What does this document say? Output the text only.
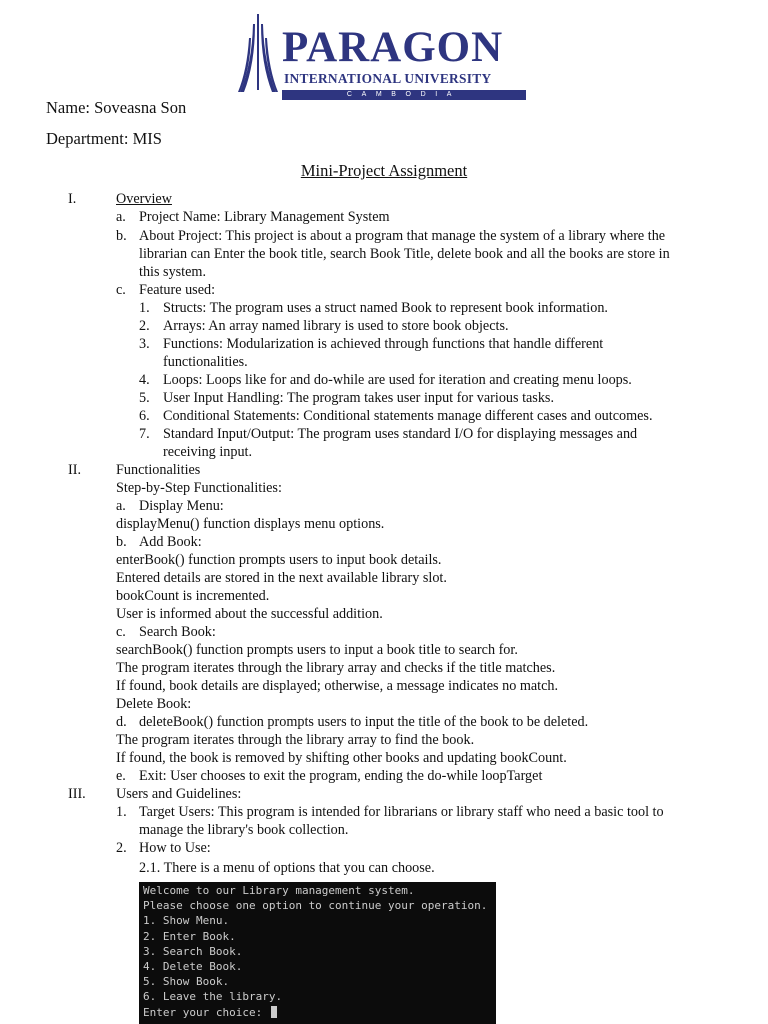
PARAGON
INTERNATIONAL UNIVERSITY
CAMBODIA
Name: Soveasna Son
Department: MIS
Mini-Project Assignment
I.	Overview
a. Project Name: Library Management System
b. About Project: This project is about a program that manage the system of a library where the
librarian can Enter the book title, search Book Title, delete book and all the books are store in
this system.
c. Feature used:
1. Structs: The program uses a struct named Book to represent book information.
2. Arrays: An array named library is used to store book objects.
3. Functions: Modularization is achieved through functions that handle different
functionalities.
4. Loops: Loops like for and do-while are used for iteration and creating menu loops.
5. User Input Handling: The program takes user input for various tasks.
6. Conditional Statements: Conditional statements manage different cases and outcomes.
7. Standard Input/Output: The program uses standard I/O for displaying messages and
receiving input.
II. Functionalities
Step-by-Step Functionalities:
a. Display Menu:
displayMenu() function displays menu options.
b. Add Book:
enterBook() function prompts users to input book details.
Entered details are stored in the next available library slot.
bookCount is incremented.
User is informed about the successful addition.
c. Search Book:
searchBook() function prompts users to input a book title to search for.
The program iterates through the library array and checks if the title matches.
If found, book details are displayed; otherwise, a message indicates no match.
Delete Book:
d. deleteBook() function prompts users to input the title of the book to be deleted.
The program iterates through the library array to find the book.
If found, the book is removed by shifting other books and updating bookCount.
e. Exit: User chooses to exit the program, ending the do-while loopTarget
III. Users and Guidelines:
1. Target Users: This program is intended for librarians or library staff who need a basic tool to
manage the library's book collection.
2. How to Use:
2.1. There is a menu of options that you can choose.
Welcome to our Library management system.
Please choose one option to continue your operation.
1. Show Menu.
2. Enter Book.
3. Search Book.
4. Delete Book.
5. Show Book.
6. Leave the library.
Enter your choice:
